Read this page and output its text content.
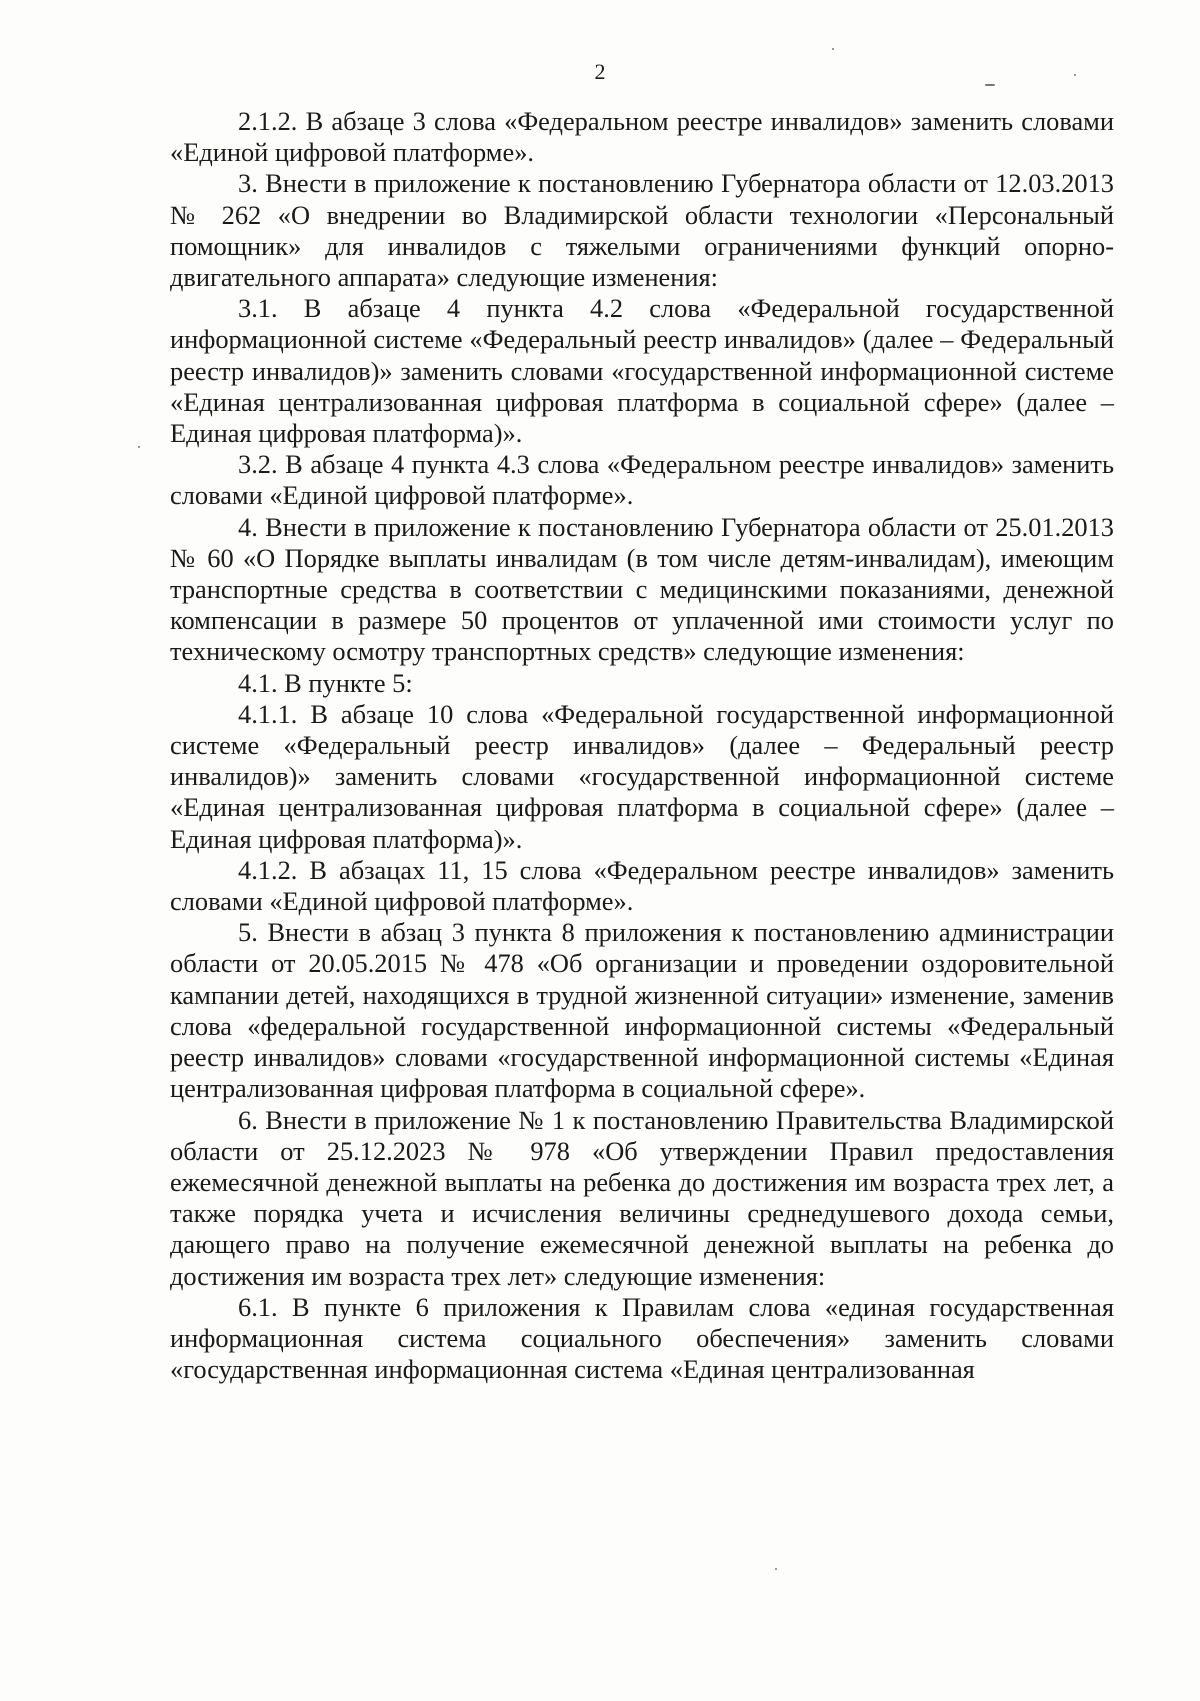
2

2.1.2. В абзаце 3 слова «Федеральном реестре инвалидов» заменить словами «Единой цифровой платформе».

3. Внести в приложение к постановлению Губернатора области от 12.03.2013 № 262 «О внедрении во Владимирской области технологии «Персональный помощник» для инвалидов с тяжелыми ограничениями функций опорно-двигательного аппарата» следующие изменения:

3.1. В абзаце 4 пункта 4.2 слова «Федеральной государственной информационной системе «Федеральный реестр инвалидов» (далее – Федеральный реестр инвалидов)» заменить словами «государственной информационной системе «Единая централизованная цифровая платформа в социальной сфере» (далее – Единая цифровая платформа)».

3.2. В абзаце 4 пункта 4.3 слова «Федеральном реестре инвалидов» заменить словами «Единой цифровой платформе».

4. Внести в приложение к постановлению Губернатора области от 25.01.2013 № 60 «О Порядке выплаты инвалидам (в том числе детям-инвалидам), имеющим транспортные средства в соответствии с медицинскими показаниями, денежной компенсации в размере 50 процентов от уплаченной ими стоимости услуг по техническому осмотру транспортных средств» следующие изменения:

4.1. В пункте 5:

4.1.1. В абзаце 10 слова «Федеральной государственной информационной системе «Федеральный реестр инвалидов» (далее – Федеральный реестр инвалидов)» заменить словами «государственной информационной системе «Единая централизованная цифровая платформа в социальной сфере» (далее – Единая цифровая платформа)».

4.1.2. В абзацах 11, 15 слова «Федеральном реестре инвалидов» заменить словами «Единой цифровой платформе».

5. Внести в абзац 3 пункта 8 приложения к постановлению администрации области от 20.05.2015 № 478 «Об организации и проведении оздоровительной кампании детей, находящихся в трудной жизненной ситуации» изменение, заменив слова «федеральной государственной информационной системы «Федеральный реестр инвалидов» словами «государственной информационной системы «Единая централизованная цифровая платформа в социальной сфере».

6. Внести в приложение № 1 к постановлению Правительства Владимирской области от 25.12.2023 № 978 «Об утверждении Правил предоставления ежемесячной денежной выплаты на ребенка до достижения им возраста трех лет, а также порядка учета и исчисления величины среднедушевого дохода семьи, дающего право на получение ежемесячной денежной выплаты на ребенка до достижения им возраста трех лет» следующие изменения:

6.1. В пункте 6 приложения к Правилам слова «единая государственная информационная система социального обеспечения» заменить словами «государственная информационная система «Единая централизованная
